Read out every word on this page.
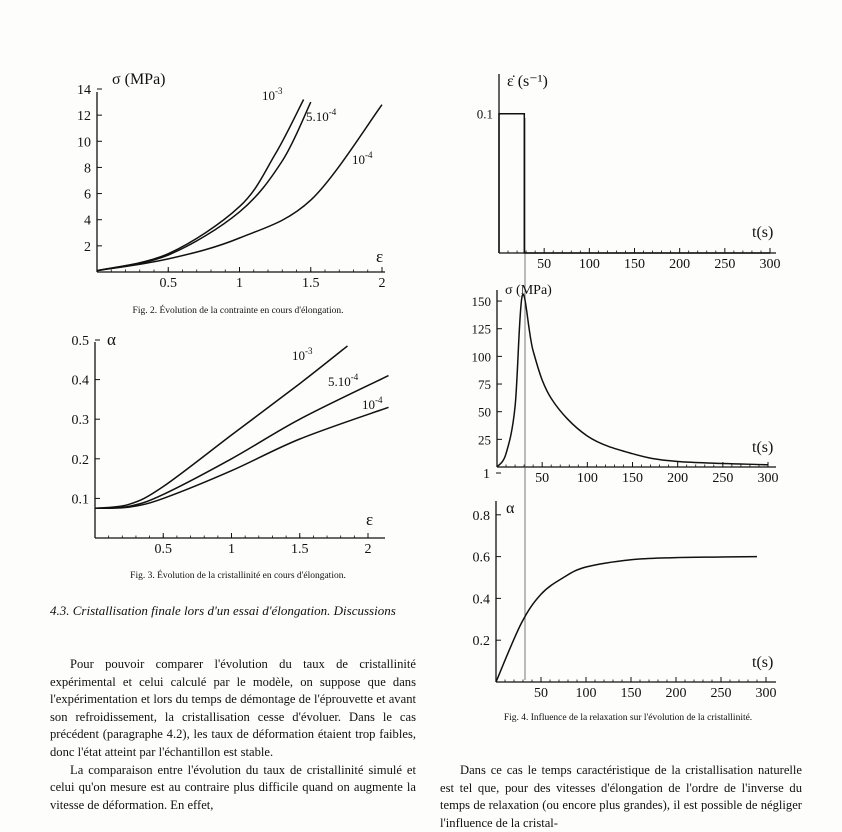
2
4
6
8
10
12
14
0.5	1	1.5	2
σ (MPa)
ε
$10^{-3}$
$5.10^{-4}$
$10^{-4}$
Fig. 2. Évolution de la contrainte en cours d'élongation.
0.1
0.2
0.3
0.4
0.5
0.5	1	1.5	2
α
ε
$10^{-3}$
$5.10^{-4}$
$10^{-4}$
Fig. 3. Évolution de la cristallinité en cours d'élongation.
0.1
50 100 150 200 250 300
25
50
75
100
125
150
50 100 150 200 250 300
0.2
0.4
0.6
0.8
1
50 100 150 200 250 300
ε̇ (s⁻¹)
σ (MPa)
α
t(s)
t(s)
t(s)
Fig. 4. Influence de la relaxation sur l'évolution de la cristallinité.
4.3. Cristallisation finale lors d'un essai d'élongation. Discussions

Pour pouvoir comparer l'évolution du taux de cristallinité expérimental et celui calculé par le modèle, on suppose que dans l'expérimentation et lors du temps de démontage de l'éprouvette et avant son refroidissement, la cristallisation cesse d'évoluer. Dans le cas précédent (paragraphe 4.2), les taux de déformation étaient trop faibles, donc l'état atteint par l'échantillon est stable.

La comparaison entre l'évolution du taux de cristallinité simulé et celui qu'on mesure est au contraire plus difficile quand on augmente la vitesse de déformation. En effet,

Dans ce cas le temps caractéristique de la cristallisation naturelle est tel que, pour des vitesses d'élongation de l'ordre de l'inverse du temps de relaxation (ou encore plus grandes), il est possible de négliger l'influence de la cristal-
